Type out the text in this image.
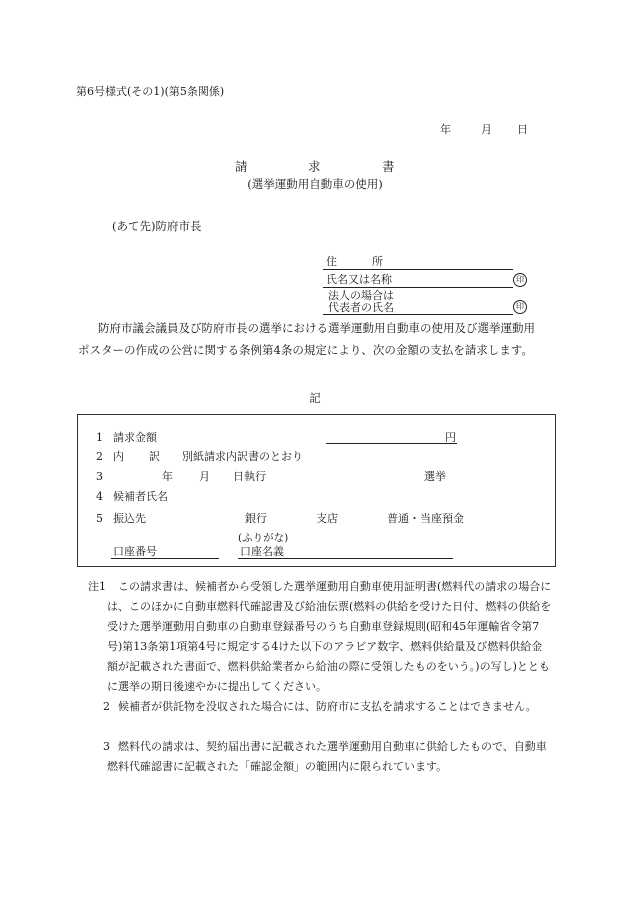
第6号様式(その1)(第5条関係)
年	月 日
請	求	書
(選挙運動用自動車の使用)
(あて先)防府市長
住	所
氏名又は名称	印
法人の場合は
代表者の氏名	印

防府市議会議員及び防府市長の選挙における選挙運動用自動車の使用及び選挙運動用

ポスターの作成の公営に関する条例第4条の規定により、次の金額の支払を請求します。

記
1 請求金額	円
2 内 訳 別紙請求内訳書のとおり
3	年 月 日執行	選挙
4 候補者氏名
5 振込先	銀行	支店	普通・当座預金
(ふりがな)
口座番号	口座名義
注1	この請求書は、候補者から受領した選挙運動用自動車使用証明書(燃料代の請求の場合には、このほかに自動車燃料代確認書及び給油伝票(燃料の供給を受けた日付、燃料の供給を受けた選挙運動用自動車の自動車登録番号のうち自動車登録規則(昭和45年運輸省令第7号)第13条第1項第4号に規定する4けた以下のアラビア数字、燃料供給量及び燃料供給金額が記載された書面で、燃料供給業者から給油の際に受領したものをいう。)の写し)とともに選挙の期日後速やかに提出してください。
2 候補者が供託物を没収された場合には、防府市に支払を請求することはできません。
3 燃料代の請求は、契約届出書に記載された選挙運動用自動車に供給したもので、自動車燃料代確認書に記載された「確認金額」の範囲内に限られています。
